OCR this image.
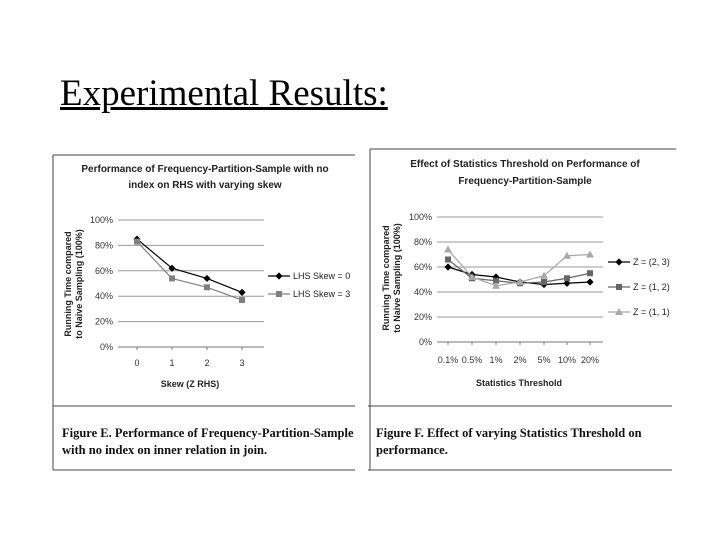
Experimental Results:
Performance of Frequency-Partition-Sample with no
index on RHS with varying skew
Running Time compared to Naive Sampling (100%)
0%
20%
40%
60%
80%
100%
0	1	2	3
Skew (Z RHS)
LHS Skew = 0
LHS Skew = 3
Figure E. Performance of Frequency-Partition-Sample
with no index on inner relation in join.
Effect of Statistics Threshold on Performance of
Frequency-Partition-Sample
Running Time compared to Naive Sampling (100%)
0%
20%
40%
60%
80%
100%
0.1% 0.5% 1% 2% 5% 10% 20%
Statistics Threshold
Z = (2, 3)
Z = (1, 2)
Z = (1, 1)
Figure F. Effect of varying Statistics Threshold on
performance.
